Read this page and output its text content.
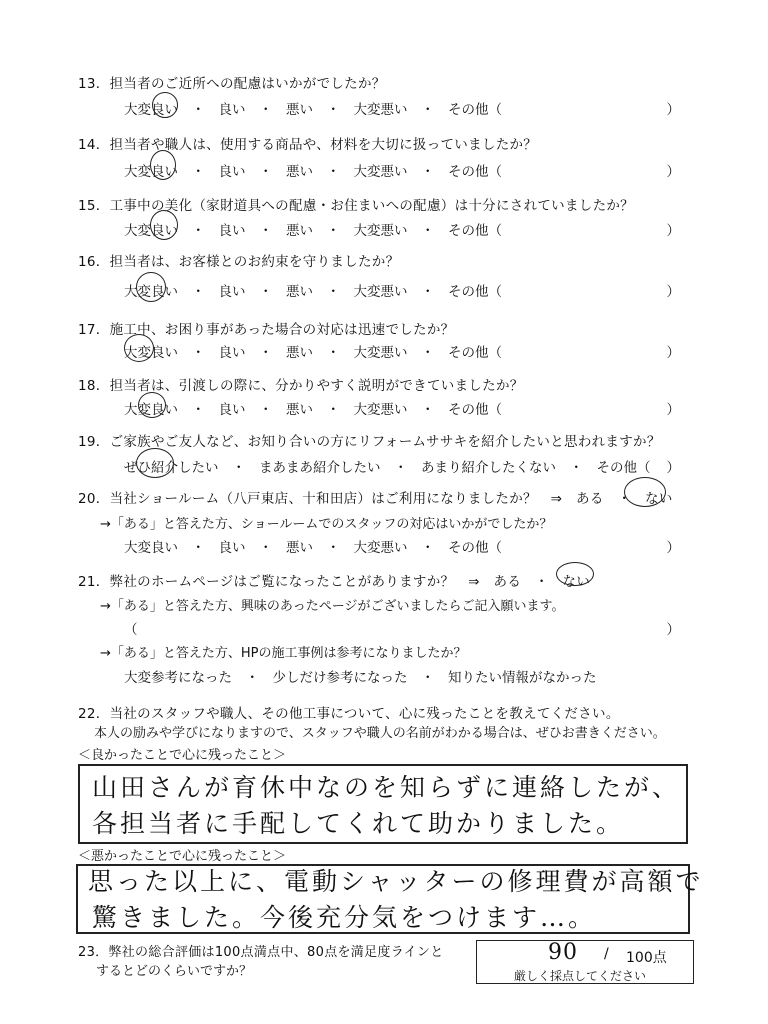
13．担当者のご近所への配慮はいかがでしたか？
大変良い　・　良い　・　悪い　・　大変悪い　・　その他（	）
14．担当者や職人は、使用する商品や、材料を大切に扱っていましたか？
大変良い　・　良い　・　悪い　・　大変悪い　・　その他（	）
15．工事中の美化（家財道具への配慮・お住まいへの配慮）は十分にされていましたか？
大変良い　・　良い　・　悪い　・　大変悪い　・　その他（	）
16．担当者は、お客様とのお約束を守りましたか？
大変良い　・　良い　・　悪い　・　大変悪い　・　その他（	）
17．施工中、お困り事があった場合の対応は迅速でしたか？
大変良い　・　良い　・　悪い　・　大変悪い　・　その他（	）
18．担当者は、引渡しの際に、分かりやすく説明ができていましたか？
大変良い　・　良い　・　悪い　・　大変悪い　・　その他（	）
19．ご家族やご友人など、お知り合いの方にリフォームササキを紹介したいと思われますか？
ぜひ紹介したい　・　まあまあ紹介したい　・　あまり紹介したくない　・　その他（ ）
20．当社ショールーム（八戸東店、十和田店）はご利用になりましたか？　⇒　ある　・　ない
→「ある」と答えた方、ショールームでのスタッフの対応はいかがでしたか？
大変良い　・　良い　・　悪い　・　大変悪い　・　その他（	）
21．弊社のホームページはご覧になったことがありますか？　⇒　ある　・　ない
→「ある」と答えた方、興味のあったページがございましたらご記入願います。
（	）
→「ある」と答えた方、HPの施工事例は参考になりましたか？
大変参考になった　・　少しだけ参考になった　・　知りたい情報がなかった
22．当社のスタッフや職人、その他工事について、心に残ったことを教えてください。
本人の励みや学びになりますので、スタッフや職人の名前がわかる場合は、ぜひお書きください。
＜良かったことで心に残ったこと＞
山田さんが育休中なのを知らずに連絡したが、
各担当者に手配してくれて助かりました。
＜悪かったことで心に残ったこと＞
思った以上に、電動シャッターの修理費が高額で
驚きました。今後充分気をつけます…。
23．弊社の総合評価は100点満点中、80点を満足度ラインと
するとどのくらいですか？
90 / 100点
厳しく採点してください
